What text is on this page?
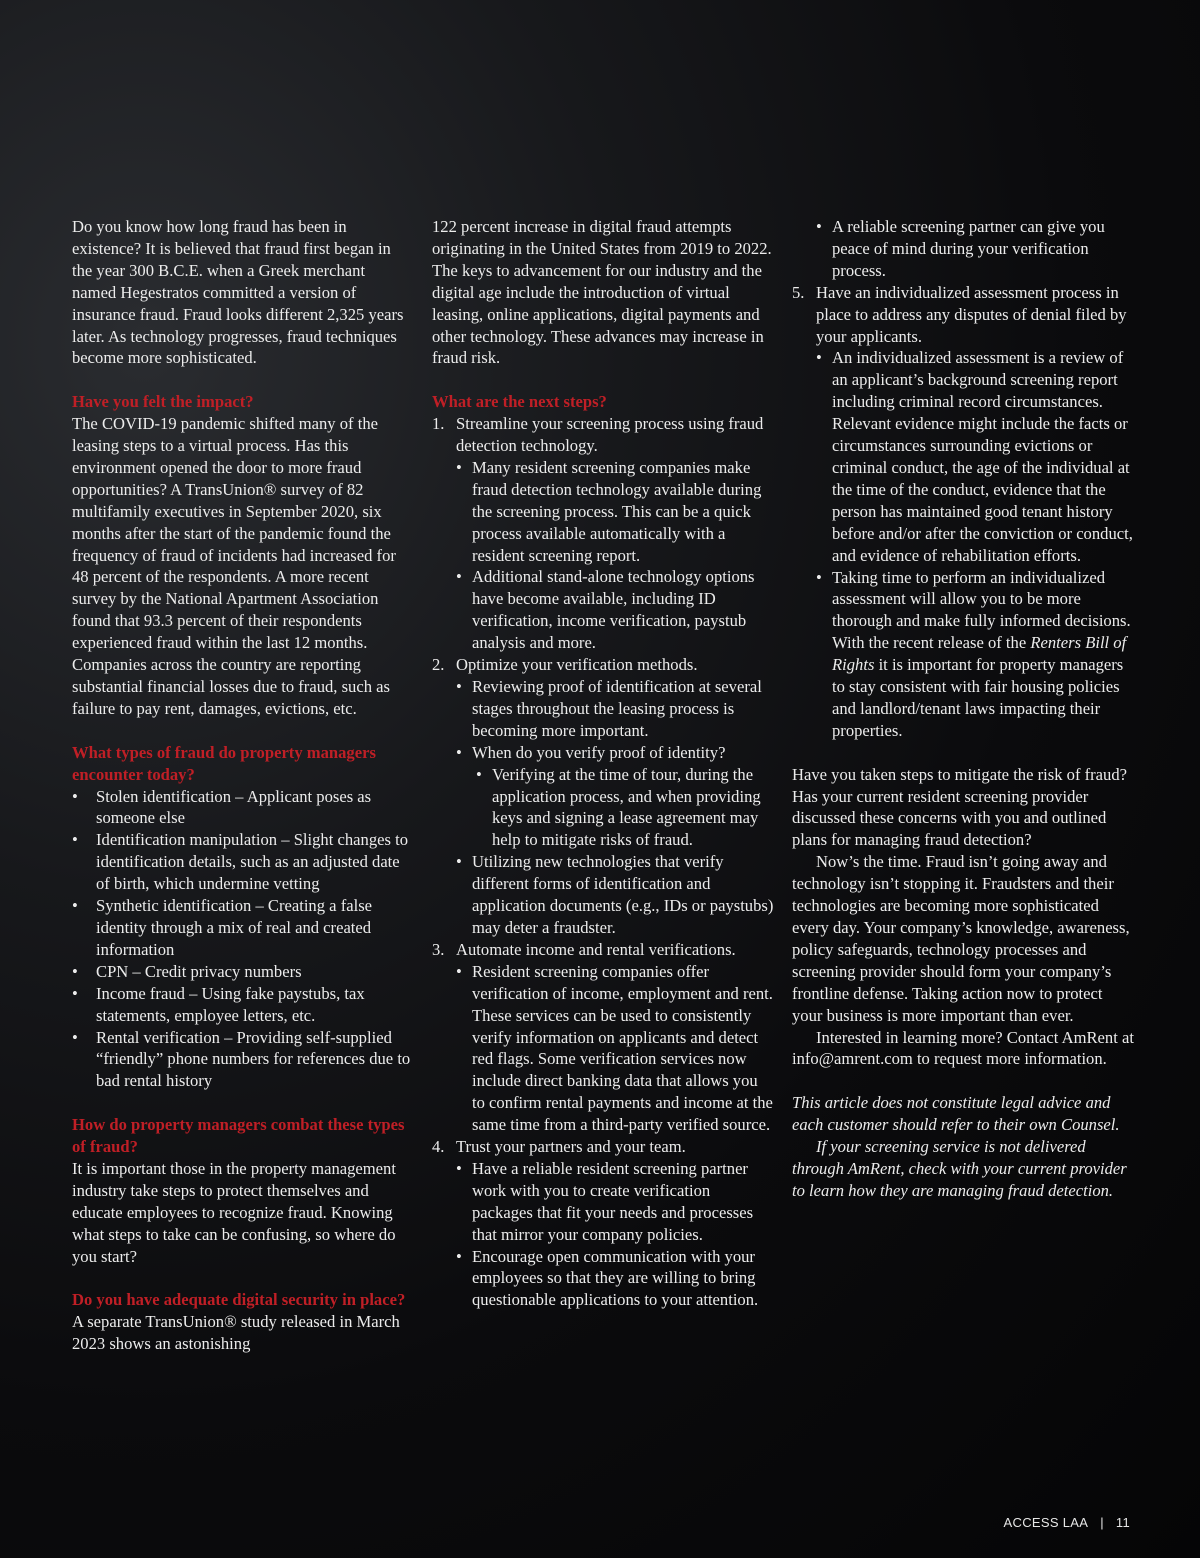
Do you know how long fraud has been in existence? It is believed that fraud first began in the year 300 B.C.E. when a Greek merchant named Hegestratos committed a version of insurance fraud. Fraud looks different 2,325 years later. As technology progresses, fraud techniques become more sophisticated.

Have you felt the impact?

The COVID-19 pandemic shifted many of the leasing steps to a virtual process. Has this environment opened the door to more fraud opportunities? A TransUnion® survey of 82 multifamily executives in September 2020, six months after the start of the pandemic found the frequency of fraud of incidents had increased for 48 percent of the respondents. A more recent survey by the National Apartment Association found that 93.3 percent of their respondents experienced fraud within the last 12 months. Companies across the country are reporting substantial financial losses due to fraud, such as failure to pay rent, damages, evictions, etc.

What types of fraud do property managers encounter today?
• Stolen identification – Applicant poses as someone else
• Identification manipulation – Slight changes to identification details, such as an adjusted date of birth, which undermine vetting
• Synthetic identification – Creating a false identity through a mix of real and created information
• CPN – Credit privacy numbers
• Income fraud – Using fake paystubs, tax statements, employee letters, etc.
• Rental verification – Providing self-supplied “friendly” phone numbers for references due to bad rental history
How do property managers combat these types of fraud?

It is important those in the property management industry take steps to protect themselves and educate employees to recognize fraud. Knowing what steps to take can be confusing, so where do you start?

Do you have adequate digital security in place?

A separate TransUnion® study released in March 2023 shows an astonishing

122 percent increase in digital fraud attempts originating in the United States from 2019 to 2022. The keys to advancement for our industry and the digital age include the introduction of virtual leasing, online applications, digital payments and other technology. These advances may increase in fraud risk.

What are the next steps?
1. Streamline your screening process using fraud detection technology.
• Many resident screening companies make fraud detection technology available during the screening process. This can be a quick process available automatically with a resident screening report.
• Additional stand-alone technology options have become available, including ID verification, income verification, paystub analysis and more.
2. Optimize your verification methods.
• Reviewing proof of identification at several stages throughout the leasing process is becoming more important.
• When do you verify proof of identity?
• Verifying at the time of tour, during the application process, and when providing keys and signing a lease agreement may help to mitigate risks of fraud.
• Utilizing new technologies that verify different forms of identification and application documents (e.g., IDs or paystubs) may deter a fraudster.
3. Automate income and rental verifications.
• Resident screening companies offer verification of income, employment and rent. These services can be used to consistently verify information on applicants and detect red flags. Some verification services now include direct banking data that allows you to confirm rental payments and income at the same time from a third-party verified source.
4. Trust your partners and your team.
• Have a reliable resident screening partner work with you to create verification packages that fit your needs and processes that mirror your company policies.
• Encourage open communication with your employees so that they are willing to bring questionable applications to your attention.
• A reliable screening partner can give you peace of mind during your verification process.
5. Have an individualized assessment process in place to address any disputes of denial filed by your applicants.
• An individualized assessment is a review of an applicant’s background screening report including criminal record circumstances. Relevant evidence might include the facts or circumstances surrounding evictions or criminal conduct, the age of the individual at the time of the conduct, evidence that the person has maintained good tenant history before and/or after the conviction or conduct, and evidence of rehabilitation efforts.
• Taking time to perform an individualized assessment will allow you to be more thorough and make fully informed decisions. With the recent release of the Renters Bill of Rights it is important for property managers to stay consistent with fair housing policies and landlord/tenant laws impacting their properties.

Have you taken steps to mitigate the risk of fraud? Has your current resident screening provider discussed these concerns with you and outlined plans for managing fraud detection?

Now’s the time. Fraud isn’t going away and technology isn’t stopping it. Fraudsters and their technologies are becoming more sophisticated every day. Your company’s knowledge, awareness, policy safeguards, technology processes and screening provider should form your company’s frontline defense. Taking action now to protect your business is more important than ever.

Interested in learning more? Contact AmRent at info@amrent.com to request more information.

This article does not constitute legal advice and each customer should refer to their own Counsel.

If your screening service is not delivered through AmRent, check with your current provider to learn how they are managing fraud detection.

ACCESS LAA | 11
